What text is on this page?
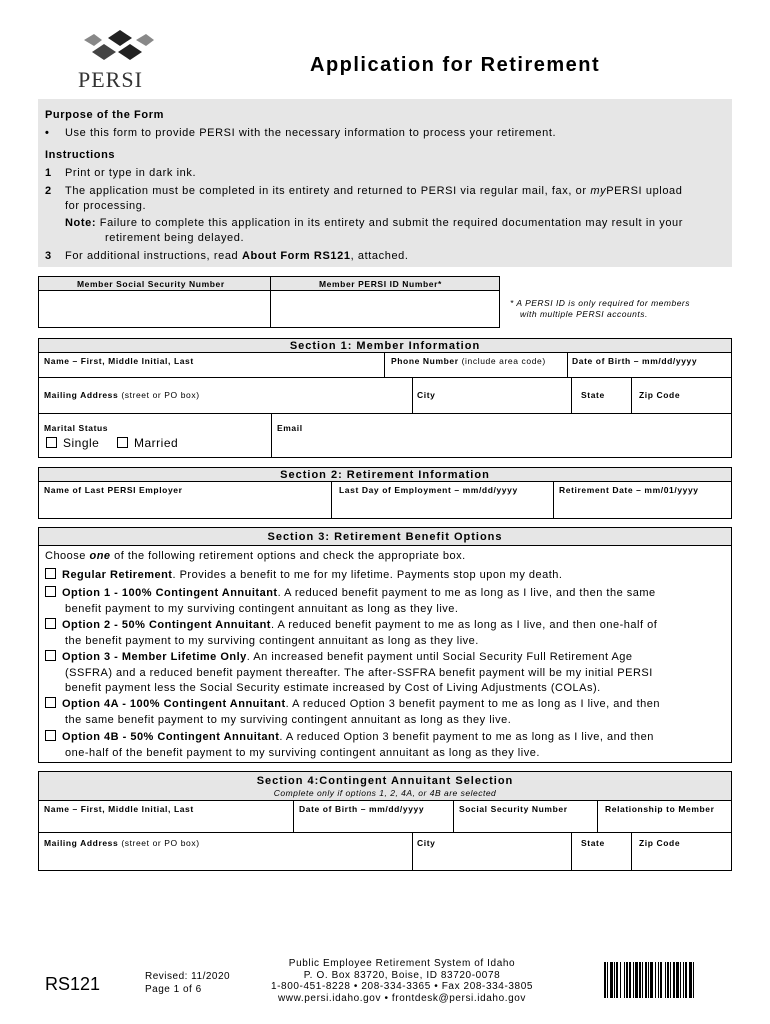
PERSI
Application for Retirement
Purpose of the Form
• Use this form to provide PERSI with the necessary information to process your retirement.
Instructions
1 Print or type in dark ink.
2 The application must be completed in its entirety and returned to PERSI via regular mail, fax, or myPERSI upload
for processing.
Note: Failure to complete this application in its entirety and submit the required documentation may result in your
retirement being delayed.
3 For additional instructions, read About Form RS121, attached.
Member Social Security Number	Member PERSI ID Number*
* A PERSI ID is only required for members
with multiple PERSI accounts.
Section 1: Member Information
Name – First, Middle Initial, Last	Phone Number (include area code)	Date of Birth – mm/dd/yyyy
Mailing Address (street or PO box)	City	State	Zip Code
Marital Status	Email
Single	Married
Section 2: Retirement Information
Name of Last PERSI Employer	Last Day of Employment – mm/dd/yyyy	Retirement Date – mm/01/yyyy
Section 3: Retirement Benefit Options
Choose one of the following retirement options and check the appropriate box.
Regular Retirement. Provides a benefit to me for my lifetime. Payments stop upon my death.
Option 1 - 100% Contingent Annuitant. A reduced benefit payment to me as long as I live, and then the same
benefit payment to my surviving contingent annuitant as long as they live.
Option 2 - 50% Contingent Annuitant. A reduced benefit payment to me as long as I live, and then one-half of
the benefit payment to my surviving contingent annuitant as long as they live.
Option 3 - Member Lifetime Only. An increased benefit payment until Social Security Full Retirement Age
(SSFRA) and a reduced benefit payment thereafter. The after-SSFRA benefit payment will be my initial PERSI
benefit payment less the Social Security estimate increased by Cost of Living Adjustments (COLAs).
Option 4A - 100% Contingent Annuitant. A reduced Option 3 benefit payment to me as long as I live, and then
the same benefit payment to my surviving contingent annuitant as long as they live.
Option 4B - 50% Contingent Annuitant. A reduced Option 3 benefit payment to me as long as I live, and then
one-half of the benefit payment to my surviving contingent annuitant as long as they live.
Section 4:Contingent Annuitant Selection
Complete only if options 1, 2, 4A, or 4B are selected
Name – First, Middle Initial, Last	Date of Birth – mm/dd/yyyy	Social Security Number	Relationship to Member
Mailing Address (street or PO box)	City	State	Zip Code
RS121	Revised: 11/2020
Page 1 of 6
Public Employee Retirement System of Idaho
P. O. Box 83720, Boise, ID 83720-0078
1-800-451-8228 • 208-334-3365 • Fax 208-334-3805
www.persi.idaho.gov • frontdesk@persi.idaho.gov
